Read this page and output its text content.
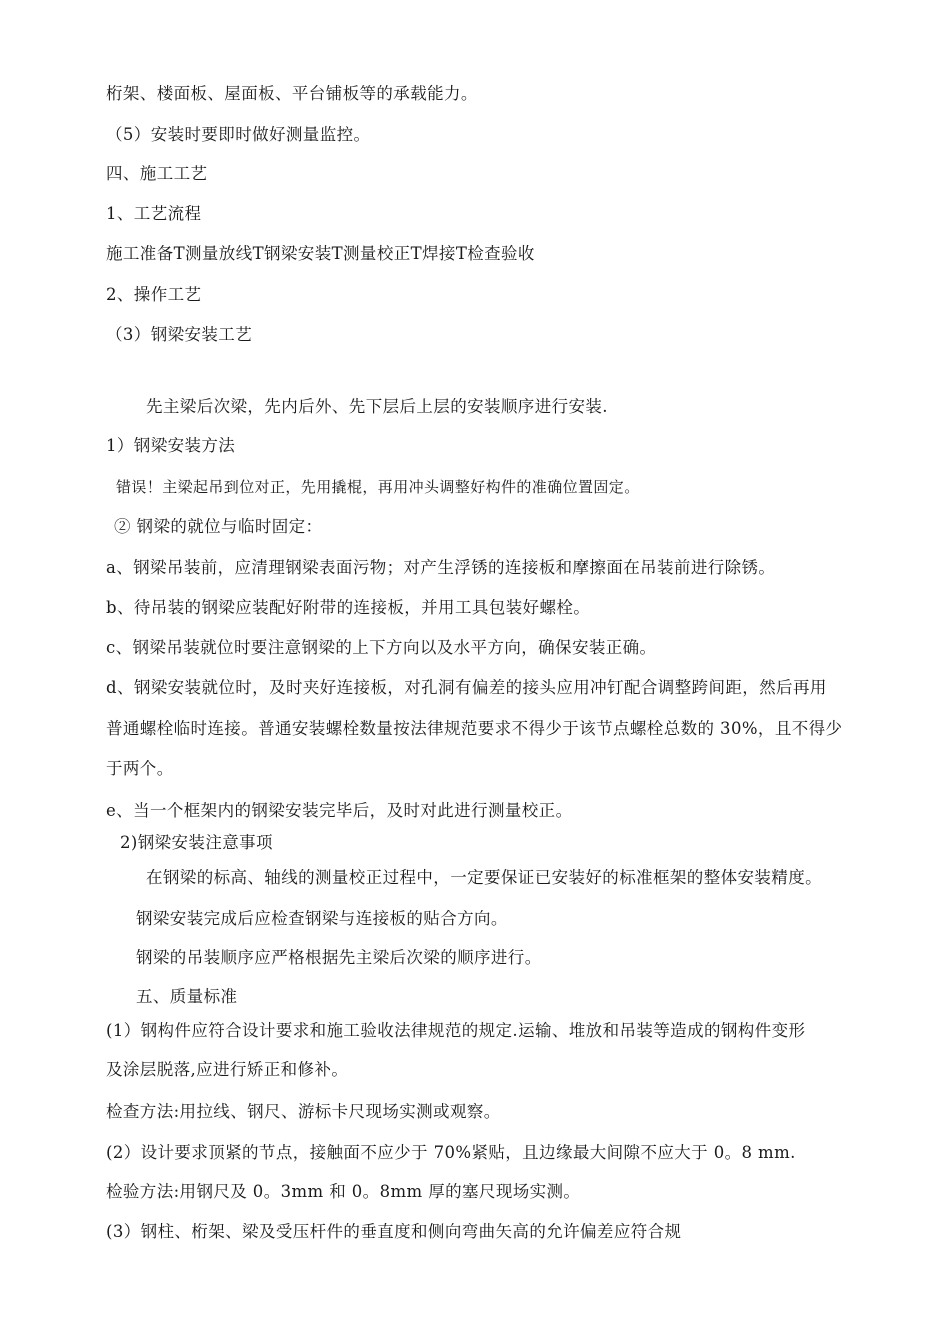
桁架、楼面板、屋面板、平台铺板等的承载能力。
（5）安装时要即时做好测量监控。
四、施工工艺
1、工艺流程
施工准备T测量放线T钢梁安装T测量校正T焊接T检查验收
2、操作工艺
（3）钢梁安装工艺
先主梁后次梁，先内后外、先下层后上层的安装顺序进行安装.
1）钢梁安装方法
错误！主梁起吊到位对正，先用撬棍，再用冲头调整好构件的准确位置固定。
② 钢梁的就位与临时固定：
a、钢梁吊装前，应清理钢梁表面污物；对产生浮锈的连接板和摩擦面在吊装前进行除锈。
b、待吊装的钢梁应装配好附带的连接板，并用工具包装好螺栓。
c、钢梁吊装就位时要注意钢梁的上下方向以及水平方向，确保安装正确。
d、钢梁安装就位时，及时夹好连接板，对孔洞有偏差的接头应用冲钉配合调整跨间距，然后再用
普通螺栓临时连接。普通安装螺栓数量按法律规范要求不得少于该节点螺栓总数的 30%，且不得少
于两个。
e、当一个框架内的钢梁安装完毕后，及时对此进行测量校正。
2)钢梁安装注意事项
在钢梁的标高、轴线的测量校正过程中，一定要保证已安装好的标准框架的整体安装精度。
钢梁安装完成后应检查钢梁与连接板的贴合方向。
钢梁的吊装顺序应严格根据先主梁后次梁的顺序进行。
五、质量标准
(1）钢构件应符合设计要求和施工验收法律规范的规定.运输、堆放和吊装等造成的钢构件变形
及涂层脱落,应进行矫正和修补。
检查方法:用拉线、钢尺、游标卡尺现场实测或观察。
(2）设计要求顶紧的节点，接触面不应少于 70%紧贴，且边缘最大间隙不应大于 0。8 mm.
检验方法:用钢尺及 0。3mm 和 0。8mm 厚的塞尺现场实测。
(3）钢柱、桁架、梁及受压杆件的垂直度和侧向弯曲矢高的允许偏差应符合规
